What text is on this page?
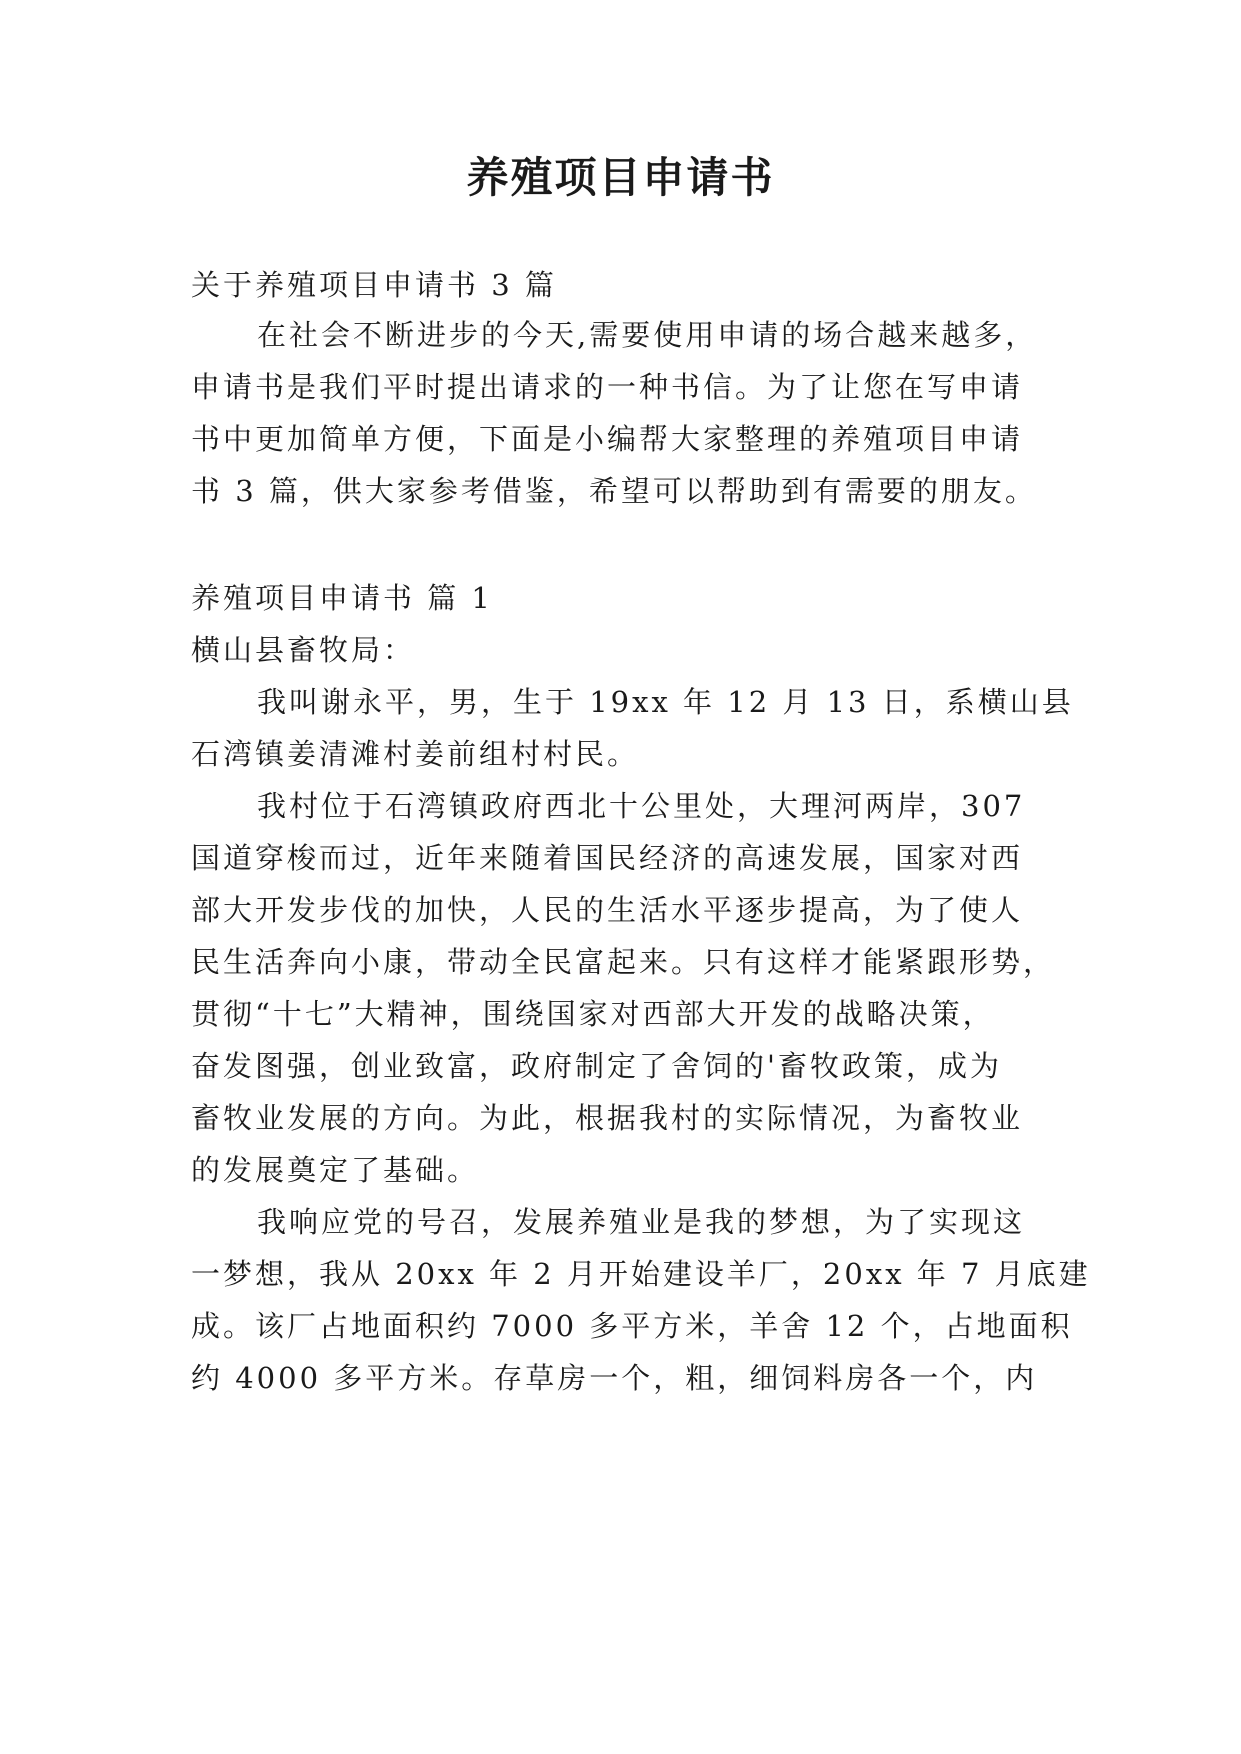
养殖项目申请书
关于养殖项目申请书 3 篇
在社会不断进步的今天,需要使用申请的场合越来越多，
申请书是我们平时提出请求的一种书信。为了让您在写申请
书中更加简单方便，下面是小编帮大家整理的养殖项目申请
书 3 篇，供大家参考借鉴，希望可以帮助到有需要的朋友。
养殖项目申请书 篇 1
横山县畜牧局：
我叫谢永平，男，生于 19xx 年 12 月 13 日，系横山县
石湾镇姜清滩村姜前组村村民。
我村位于石湾镇政府西北十公里处，大理河两岸，307
国道穿梭而过，近年来随着国民经济的高速发展，国家对西
部大开发步伐的加快，人民的生活水平逐步提高，为了使人
民生活奔向小康，带动全民富起来。只有这样才能紧跟形势，
贯彻“十七”大精神，围绕国家对西部大开发的战略决策，
奋发图强，创业致富，政府制定了舍饲的'畜牧政策，成为
畜牧业发展的方向。为此，根据我村的实际情况，为畜牧业
的发展奠定了基础。
我响应党的号召，发展养殖业是我的梦想，为了实现这
一梦想，我从 20xx 年 2 月开始建设羊厂，20xx 年 7 月底建
成。该厂占地面积约 7000 多平方米，羊舍 12 个，占地面积
约 4000 多平方米。存草房一个，粗，细饲料房各一个，内
